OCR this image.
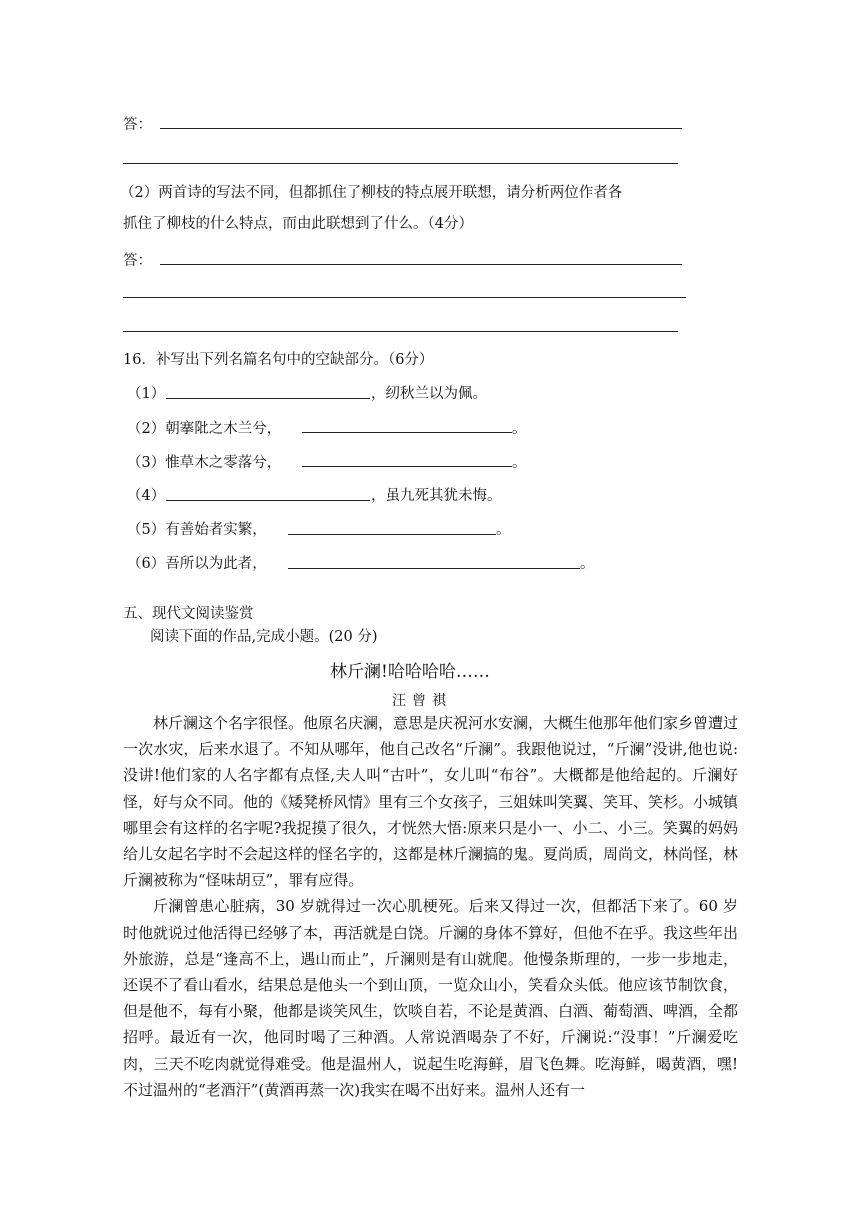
答：
（2）两首诗的写法不同，但都抓住了柳枝的特点展开联想，请分析两位作者各
抓住了柳枝的什么特点，而由此联想到了什么。（4分）
答：
16．补写出下列名篇名句中的空缺部分。（6分）
（1）	，纫秋兰以为佩。
（2）朝搴阰之木兰兮，	。
（3）惟草木之零落兮，	。
（4）	，虽九死其犹未悔。
（5）有善始者实繁，	。
（6）吾所以为此者，	。
五、现代文阅读鉴赏
阅读下面的作品,完成小题。(20 分)
林斤澜!哈哈哈哈……
汪曾祺

林斤澜这个名字很怪。他原名庆澜，意思是庆祝河水安澜，大概生他那年他们家乡曾遭过一次水灾，后来水退了。不知从哪年，他自己改名“斤澜”。我跟他说过，“斤澜”没讲,他也说:没讲!他们家的人名字都有点怪,夫人叫“古叶”，女儿叫“布谷”。大概都是他给起的。斤澜好怪，好与众不同。他的《矮凳桥风情》里有三个女孩子，三姐妹叫笑翼、笑耳、笑杉。小城镇哪里会有这样的名字呢?我捉摸了很久，才恍然大悟:原来只是小一、小二、小三。笑翼的妈妈给儿女起名字时不会起这样的怪名字的，这都是林斤澜搞的鬼。夏尚质，周尚文，林尚怪，林斤澜被称为“怪味胡豆”，罪有应得。

斤澜曾患心脏病，30 岁就得过一次心肌梗死。后来又得过一次，但都活下来了。60 岁时他就说过他活得已经够了本，再活就是白饶。斤澜的身体不算好，但他不在乎。我这些年出外旅游，总是“逢高不上，遇山而止”，斤澜则是有山就爬。他慢条斯理的，一步一步地走，还误不了看山看水，结果总是他头一个到山顶，一览众山小，笑看众头低。他应该节制饮食，但是他不，每有小聚，他都是谈笑风生，饮啖自若，不论是黄酒、白酒、葡萄酒、啤酒，全都招呼。最近有一次，他同时喝了三种酒。人常说酒喝杂了不好，斤澜说:“没事！”斤澜爱吃肉，三天不吃肉就觉得难受。他是温州人，说起生吃海鲜，眉飞色舞。吃海鲜，喝黄酒，嘿!不过温州的“老酒汗”(黄酒再蒸一次)我实在喝不出好来。温州人还有一
